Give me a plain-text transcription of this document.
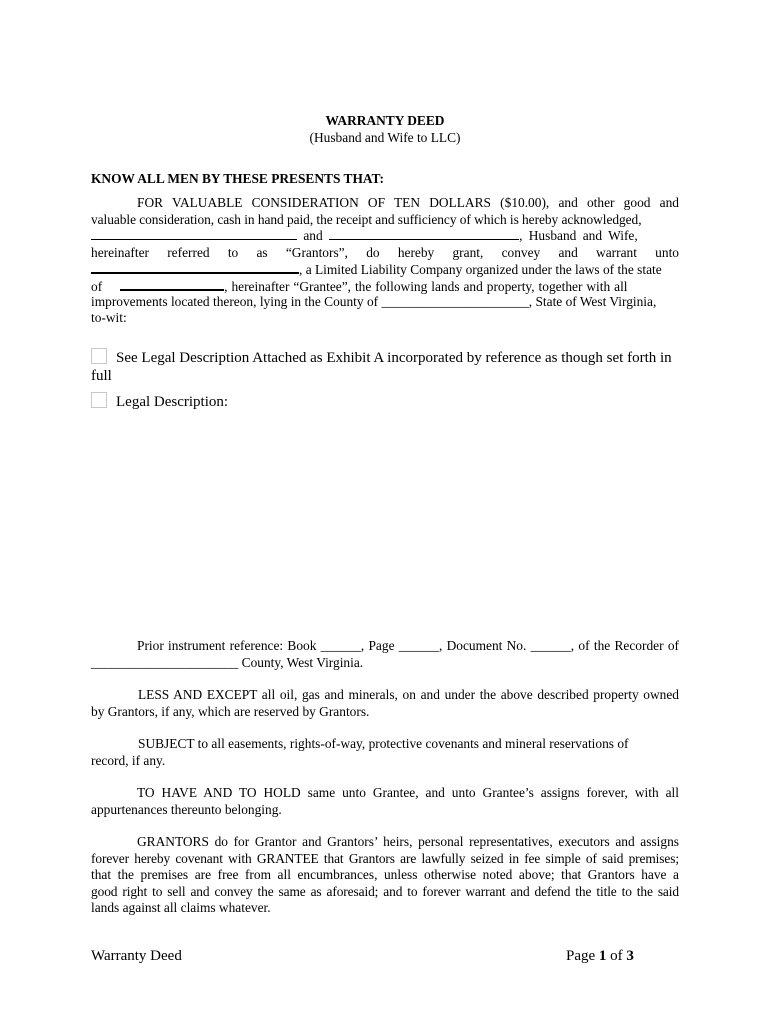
WARRANTY DEED
(Husband and Wife to LLC)
KNOW ALL MEN BY THESE PRESENTS THAT:
FOR VALUABLE CONSIDERATION OF TEN DOLLARS ($10.00), and other good and
valuable consideration, cash in hand paid, the receipt and sufficiency of which is hereby acknowledged,
and	, Husband and Wife,
hereinafter referred to as “Grantors”, do hereby grant, convey and warrant unto
, a Limited Liability Company organized under the laws of the state
of	, hereinafter “Grantee”, the following lands and property, together with all
improvements located thereon, lying in the County of ______________________, State of West Virginia,
to-wit:
See Legal Description Attached as Exhibit A incorporated by reference as though set forth in
full
Legal Description:
Prior instrument reference: Book ______, Page ______, Document No. ______, of the Recorder of
______________________ County, West Virginia.
LESS AND EXCEPT all oil, gas and minerals, on and under the above described property owned
by Grantors, if any, which are reserved by Grantors.
SUBJECT to all easements, rights-of-way, protective covenants and mineral reservations of
record, if any.
TO HAVE AND TO HOLD same unto Grantee, and unto Grantee’s assigns forever, with all
appurtenances thereunto belonging.
GRANTORS do for Grantor and Grantors’ heirs, personal representatives, executors and assigns
forever hereby covenant with GRANTEE that Grantors are lawfully seized in fee simple of said premises;
that the premises are free from all encumbrances, unless otherwise noted above; that Grantors have a
good right to sell and convey the same as aforesaid; and to forever warrant and defend the title to the said
lands against all claims whatever.
Warranty Deed	Page 1 of 3
